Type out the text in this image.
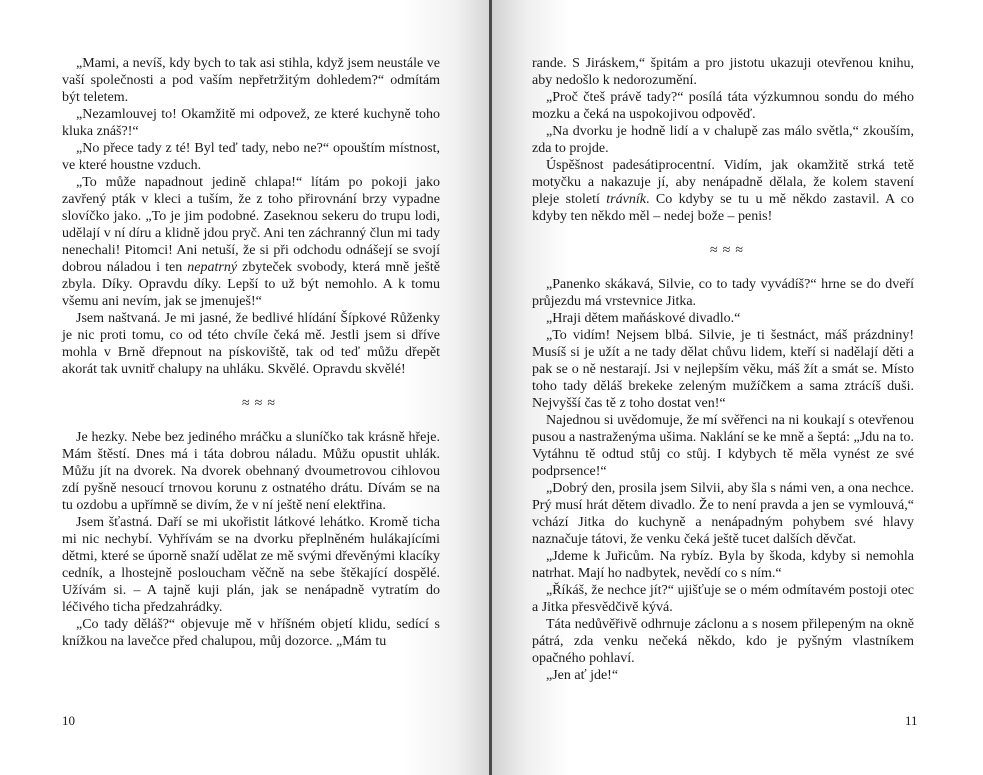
„Mami, a nevíš, kdy bych to tak asi stihla, když jsem neustále ve vaší společnosti a pod vaším nepřetržitým dohledem?“ odmítám být teletem.

„Nezamlouvej to! Okamžitě mi odpovež, ze které kuchyně toho kluka znáš?!“

„No přece tady z té! Byl teď tady, nebo ne?“ opouštím místnost, ve které houstne vzduch.

„To může napadnout jedině chlapa!“ lítám po pokoji jako zavřený pták v kleci a tuším, že z toho přirovnání brzy vypadne slovíčko jako. „To je jim podobné. Zaseknou sekeru do trupu lodi, udělají v ní díru a klidně jdou pryč. Ani ten záchranný člun mi tady nenechali! Pitomci! Ani netuší, že si při odchodu odnášejí se svojí dobrou náladou i ten nepatrný zbyteček svobody, která mně ještě zbyla. Díky. Opravdu díky. Lepší to už být nemohlo. A k tomu všemu ani nevím, jak se jmenuješ!“

Jsem naštvaná. Je mi jasné, že bedlivé hlídání Šípkové Růženky je nic proti tomu, co od této chvíle čeká mě. Jestli jsem si dříve mohla v Brně dřepnout na pískoviště, tak od teď můžu dřepět akorát tak uvnitř chalupy na uhláku. Skvělé. Opravdu skvělé!

≈≈≈

Je hezky. Nebe bez jediného mráčku a sluníčko tak krásně hřeje. Mám štěstí. Dnes má i táta dobrou náladu. Můžu opustit uhlák. Můžu jít na dvorek. Na dvorek obehnaný dvoumetrovou cihlovou zdí pyšně nesoucí trnovou korunu z ostnatého drátu. Dívám se na tu ozdobu a upřímně se divím, že v ní ještě není elektřina.

Jsem šťastná. Daří se mi ukořistit látkové lehátko. Kromě ticha mi nic nechybí. Vyhřívám se na dvorku přeplněném hulákajícími dětmi, které se úporně snaží udělat ze mě svými dřevěnými klacíky cedník, a lhostejně posloucham věčně na sebe štěkající dospělé. Užívám si. – A tajně kuji plán, jak se nenápadně vytratím do léčivého ticha předzahrádky.

„Co tady děláš?“ objevuje mě v hříšném objetí klidu, sedící s knížkou na lavečce před chalupou, můj dozorce. „Mám tu

10

rande. S Jiráskem,“ špitám a pro jistotu ukazuji otevřenou knihu, aby nedošlo k nedorozumění.

„Proč čteš právě tady?“ posílá táta výzkumnou sondu do mého mozku a čeká na uspokojivou odpověď.

„Na dvorku je hodně lidí a v chalupě zas málo světla,“ zkouším, zda to projde.

Úspěšnost padesátiprocentní. Vidím, jak okamžitě strká tetě motyčku a nakazuje jí, aby nenápadně dělala, že kolem stavení pleje století trávník. Co kdyby se tu u mě někdo zastavil. A co kdyby ten někdo měl – nedej bože – penis!

≈≈≈

„Panenko skákavá, Silvie, co to tady vyvádíš?“ hrne se do dveří průjezdu má vrstevnice Jitka.

„Hraji dětem maňáskové divadlo.“

„To vidím! Nejsem blbá. Silvie, je ti šestnáct, máš prázdniny! Musíš si je užít a ne tady dělat chůvu lidem, kteří si nadělají děti a pak se o ně nestarají. Jsi v nejlepším věku, máš žít a smát se. Místo toho tady děláš brekeke zeleným mužíčkem a sama ztrácíš duši. Nejvyšší čas tě z toho dostat ven!“

Najednou si uvědomuje, že mí svěřenci na ni koukají s otevřenou pusou a nastraženýma ušima. Naklání se ke mně a šeptá: „Jdu na to. Vytáhnu tě odtud stůj co stůj. I kdybych tě měla vynést ze své podprsence!“

„Dobrý den, prosila jsem Silvii, aby šla s námi ven, a ona nechce. Prý musí hrát dětem divadlo. Že to není pravda a jen se vymlouvá,“ vchází Jitka do kuchyně a nenápadným pohybem své hlavy naznačuje tátovi, že venku čeká ještě tucet dalších děvčat.

„Jdeme k Juřicům. Na rybíz. Byla by škoda, kdyby si nemohla natrhat. Mají ho nadbytek, nevědí co s ním.“

„Říkáš, že nechce jít?“ ujišťuje se o mém odmítavém postoji otec a Jitka přesvědčivě kývá.

Táta nedůvěřivě odhrnuje záclonu a s nosem přilepeným na okně pátrá, zda venku nečeká někdo, kdo je pyšným vlastníkem opačného pohlaví.

„Jen ať jde!“

11
